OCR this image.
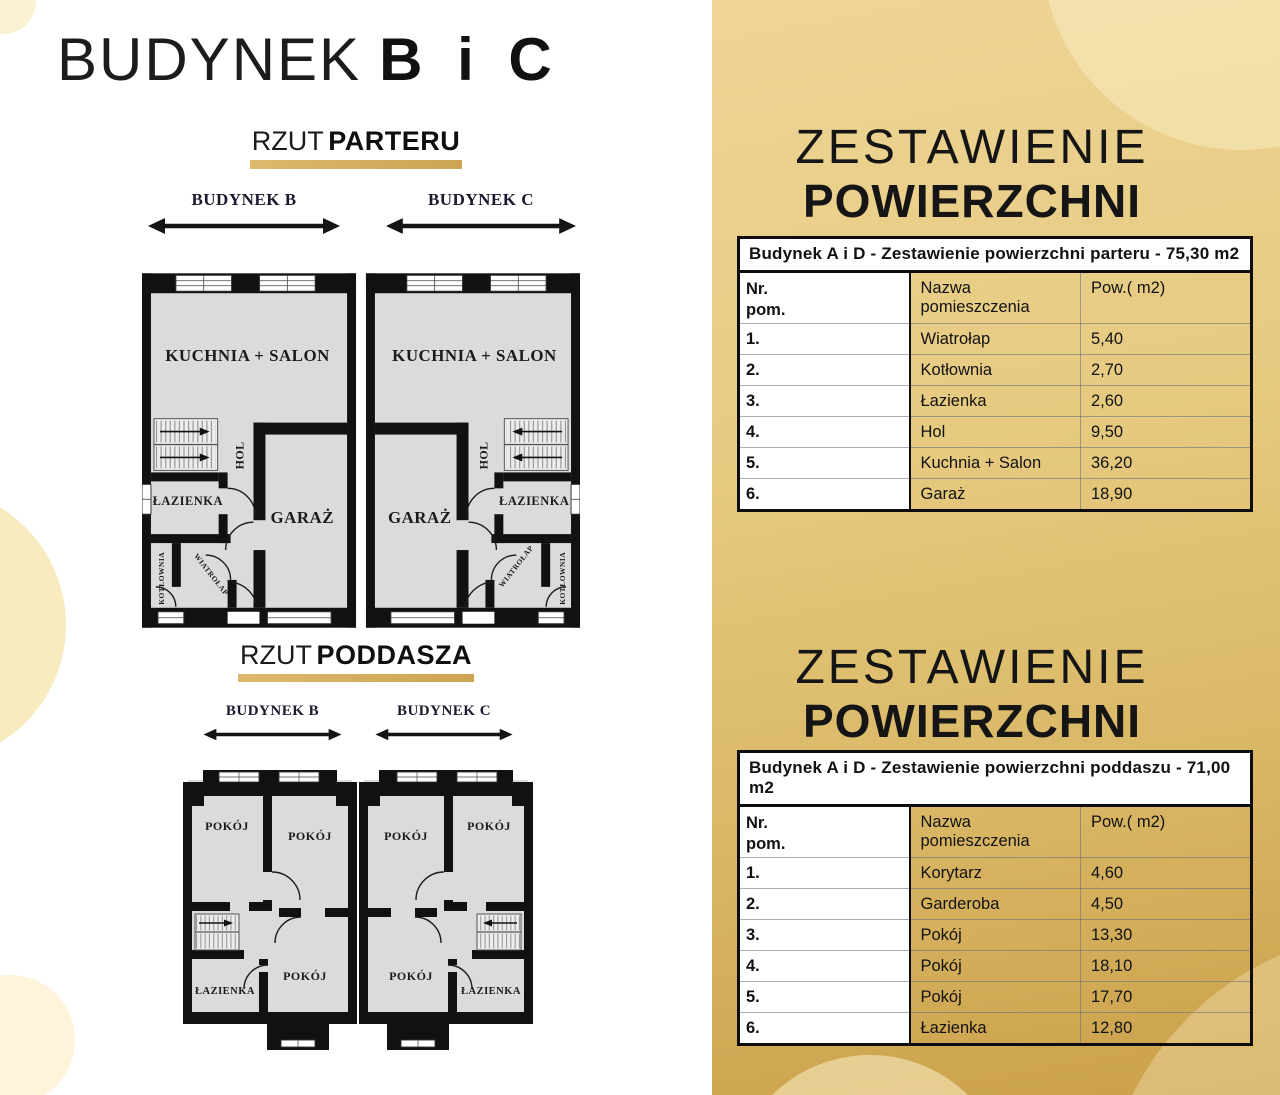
BUDYNEK B i C
RZUT PARTERU
BUDYNEK B	BUDYNEK C
KUCHNIA + SALON
HOL
GARAŻ
ŁAZIENKA
KOTŁOWNIA	WIATROŁAP
KUCHNIA + SALON
HOL
GARAŻ
ŁAZIENKA
KOTŁOWNIA
WIATROŁAP
RZUT PODDASZA
BUDYNEK B	BUDYNEK C
POKÓJ
POKÓJ
POKÓJ
ŁAZIENKA
POKÓJ
POKÓJ
POKÓJ
ŁAZIENKA
ZESTAWIENIE
POWIERZCHNI
Budynek A i D - Zestawienie powierzchni parteru - 75,30 m2		

Nr.
pom.	Nazwa pomieszczenia	Pow.( m2)
1.	Wiatrołap	5,40
2.	Kotłownia	2,70
3.	Łazienka	2,60
4.	Hol	9,50
5.	Kuchnia + Salon	36,20
6.	Garaż	18,90
ZESTAWIENIE
POWIERZCHNI
Budynek A i D - Zestawienie powierzchni poddaszu - 71,00 m2		

Nr.
pom.	Nazwa pomieszczenia	Pow.( m2)
1.	Korytarz	4,60
2.	Garderoba	4,50
3.	Pokój	13,30
4.	Pokój	18,10
5.	Pokój	17,70
6.	Łazienka	12,80
